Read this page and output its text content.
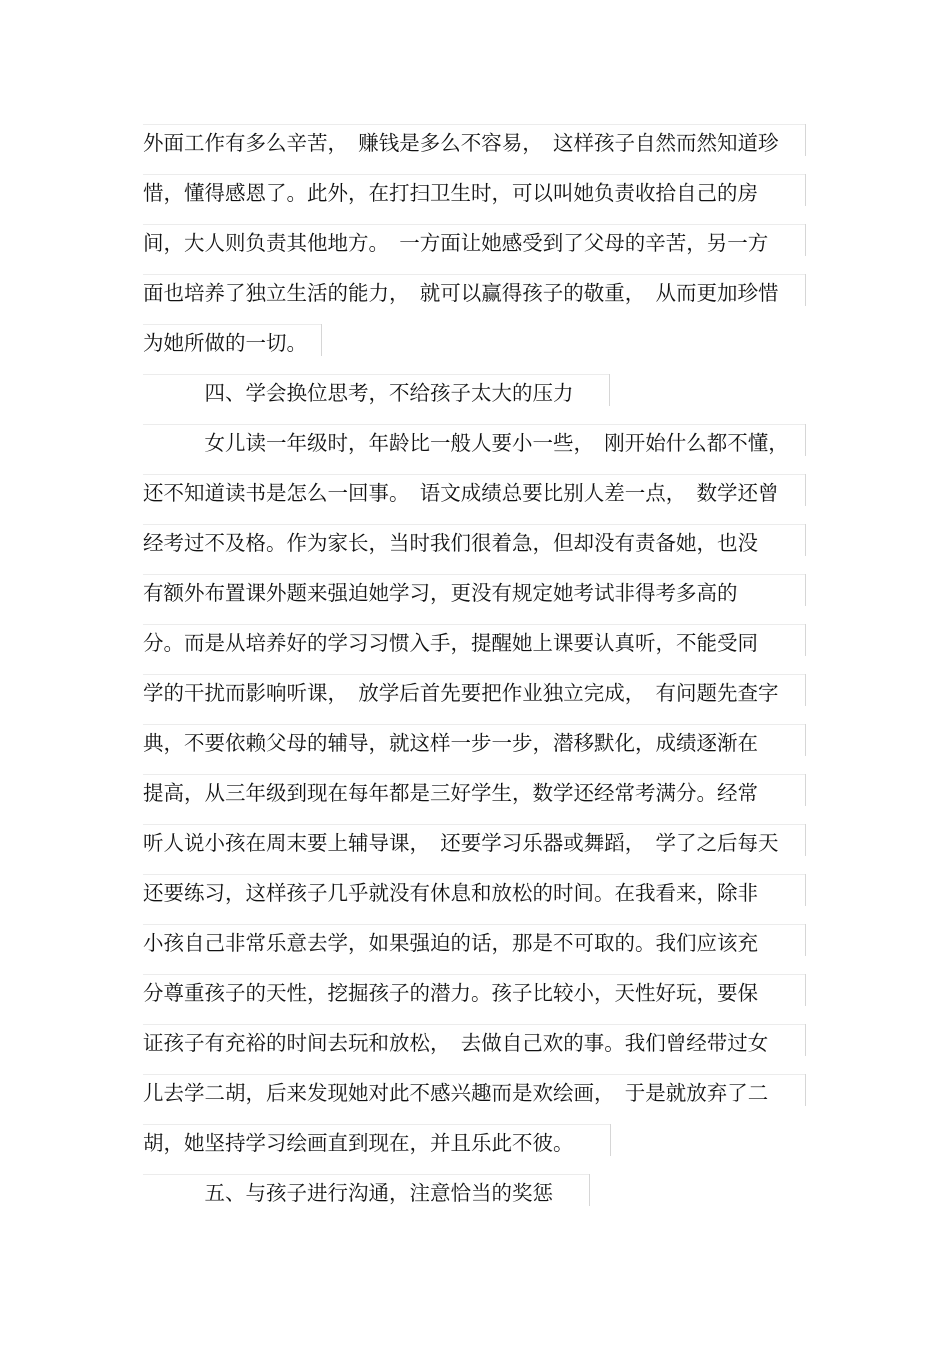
外面工作有多么辛苦，　赚钱是多么不容易，　这样孩子自然而然知道珍
惜，懂得感恩了。此外，在打扫卫生时，可以叫她负责收拾自己的房
间，大人则负责其他地方。　一方面让她感受到了父母的辛苦，另一方
面也培养了独立生活的能力，　就可以赢得孩子的敬重，　从而更加珍惜
为她所做的一切。
　　　四、学会换位思考，不给孩子太大的压力
　　　女儿读一年级时，年龄比一般人要小一些，　刚开始什么都不懂，
还不知道读书是怎么一回事。　语文成绩总要比别人差一点，　数学还曾
经考过不及格。作为家长，当时我们很着急，但却没有责备她，也没
有额外布置课外题来强迫她学习，更没有规定她考试非得考多高的
分。而是从培养好的学习习惯入手，提醒她上课要认真听，不能受同
学的干扰而影响听课，　放学后首先要把作业独立完成，　有问题先查字
典，不要依赖父母的辅导，就这样一步一步，潜移默化，成绩逐渐在
提高，从三年级到现在每年都是三好学生，数学还经常考满分。经常
听人说小孩在周末要上辅导课，　还要学习乐器或舞蹈，　学了之后每天
还要练习，这样孩子几乎就没有休息和放松的时间。在我看来，除非
小孩自己非常乐意去学，如果强迫的话，那是不可取的。我们应该充
分尊重孩子的天性，挖掘孩子的潜力。孩子比较小，天性好玩，要保
证孩子有充裕的时间去玩和放松，　去做自己欢的事。我们曾经带过女
儿去学二胡，后来发现她对此不感兴趣而是欢绘画，　于是就放弃了二
胡，她坚持学习绘画直到现在，并且乐此不彼。
　　　五、与孩子进行沟通，注意恰当的奖惩
